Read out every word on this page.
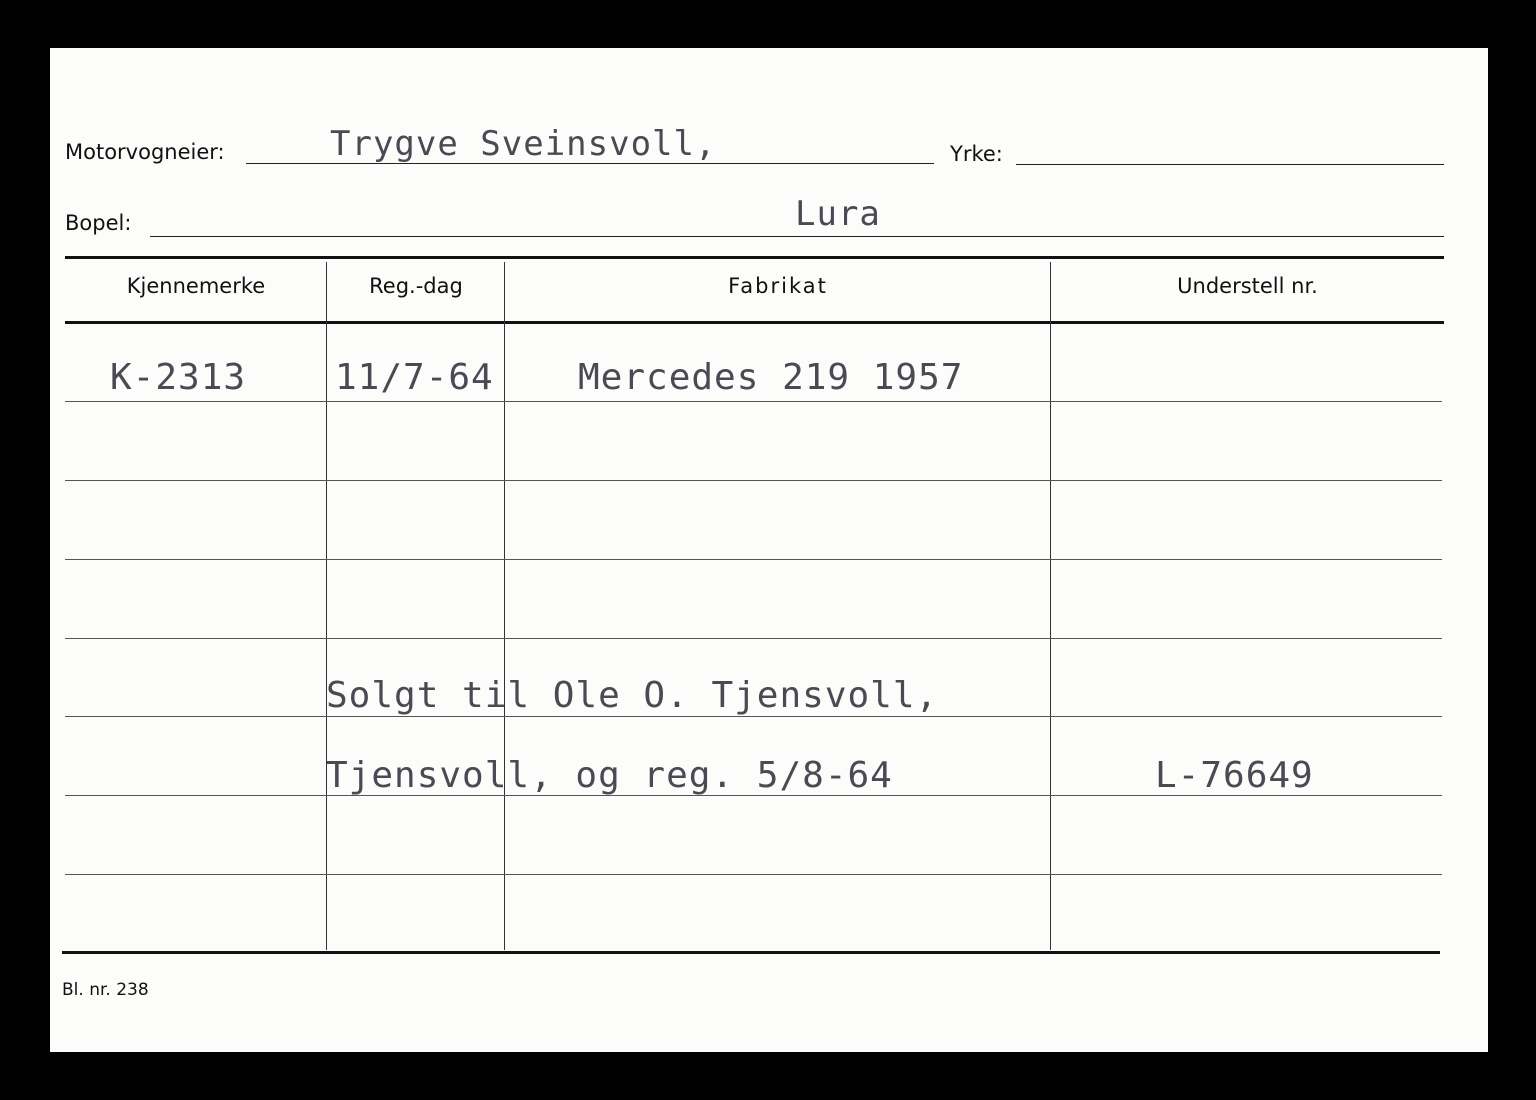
Motorvogneier:	Trygve Sveinsvoll,	Yrke:
Bopel:	Lura
Kjennemerke	Reg.-dag	Fabrikat	Understell nr.
K-2313 11/7-64 Mercedes 219 1957
Solgt til Ole O. Tjensvoll,
Tjensvoll, og reg. 5/8-64	L-76649
Bl. nr. 238
